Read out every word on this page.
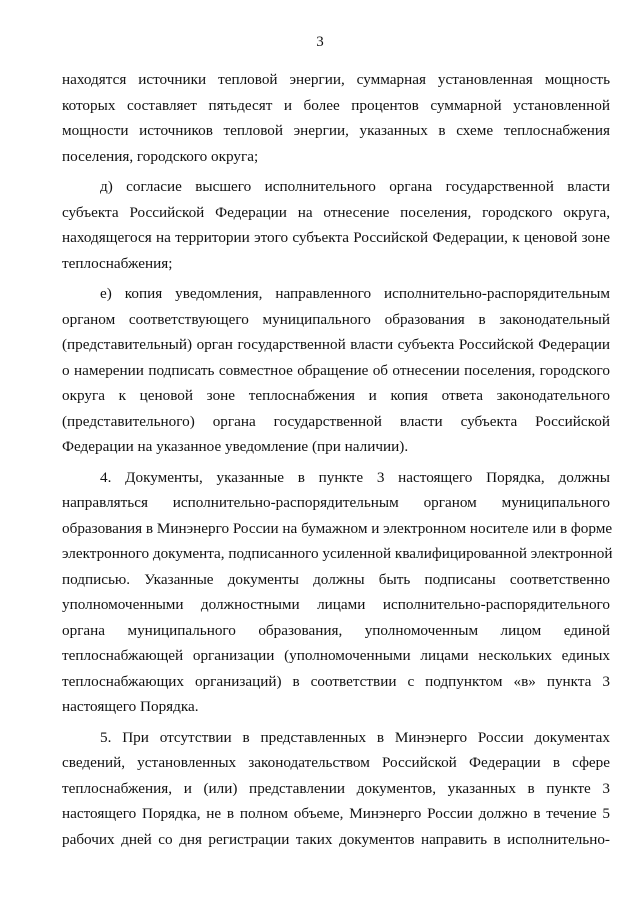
3
находятся источники тепловой энергии, суммарная установленная мощность
которых составляет пятьдесят и более процентов суммарной установленной
мощности источников тепловой энергии, указанных в схеме теплоснабжения
поселения, городского округа;
д) согласие высшего исполнительного органа государственной власти
субъекта Российской Федерации на отнесение поселения, городского округа,
находящегося на территории этого субъекта Российской Федерации, к ценовой зоне
теплоснабжения;
е) копия уведомления, направленного исполнительно-распорядительным
органом соответствующего муниципального образования в законодательный
(представительный) орган государственной власти субъекта Российской Федерации
о намерении подписать совместное обращение об отнесении поселения, городского
округа к ценовой зоне теплоснабжения и копия ответа законодательного
(представительного) органа государственной власти субъекта Российской
Федерации на указанное уведомление (при наличии).
4. Документы, указанные в пункте 3 настоящего Порядка, должны
направляться исполнительно-распорядительным органом муниципального
образования в Минэнерго России на бумажном и электронном носителе или в форме
электронного документа, подписанного усиленной квалифицированной электронной
подписью. Указанные документы должны быть подписаны соответственно
уполномоченными должностными лицами исполнительно-распорядительного
органа муниципального образования, уполномоченным лицом единой
теплоснабжающей организации (уполномоченными лицами нескольких единых
теплоснабжающих организаций) в соответствии с подпунктом «в» пункта 3
настоящего Порядка.
5. При отсутствии в представленных в Минэнерго России документах
сведений, установленных законодательством Российской Федерации в сфере
теплоснабжения, и (или) представлении документов, указанных в пункте 3
настоящего Порядка, не в полном объеме, Минэнерго России должно в течение 5
рабочих дней со дня регистрации таких документов направить в исполнительно-
